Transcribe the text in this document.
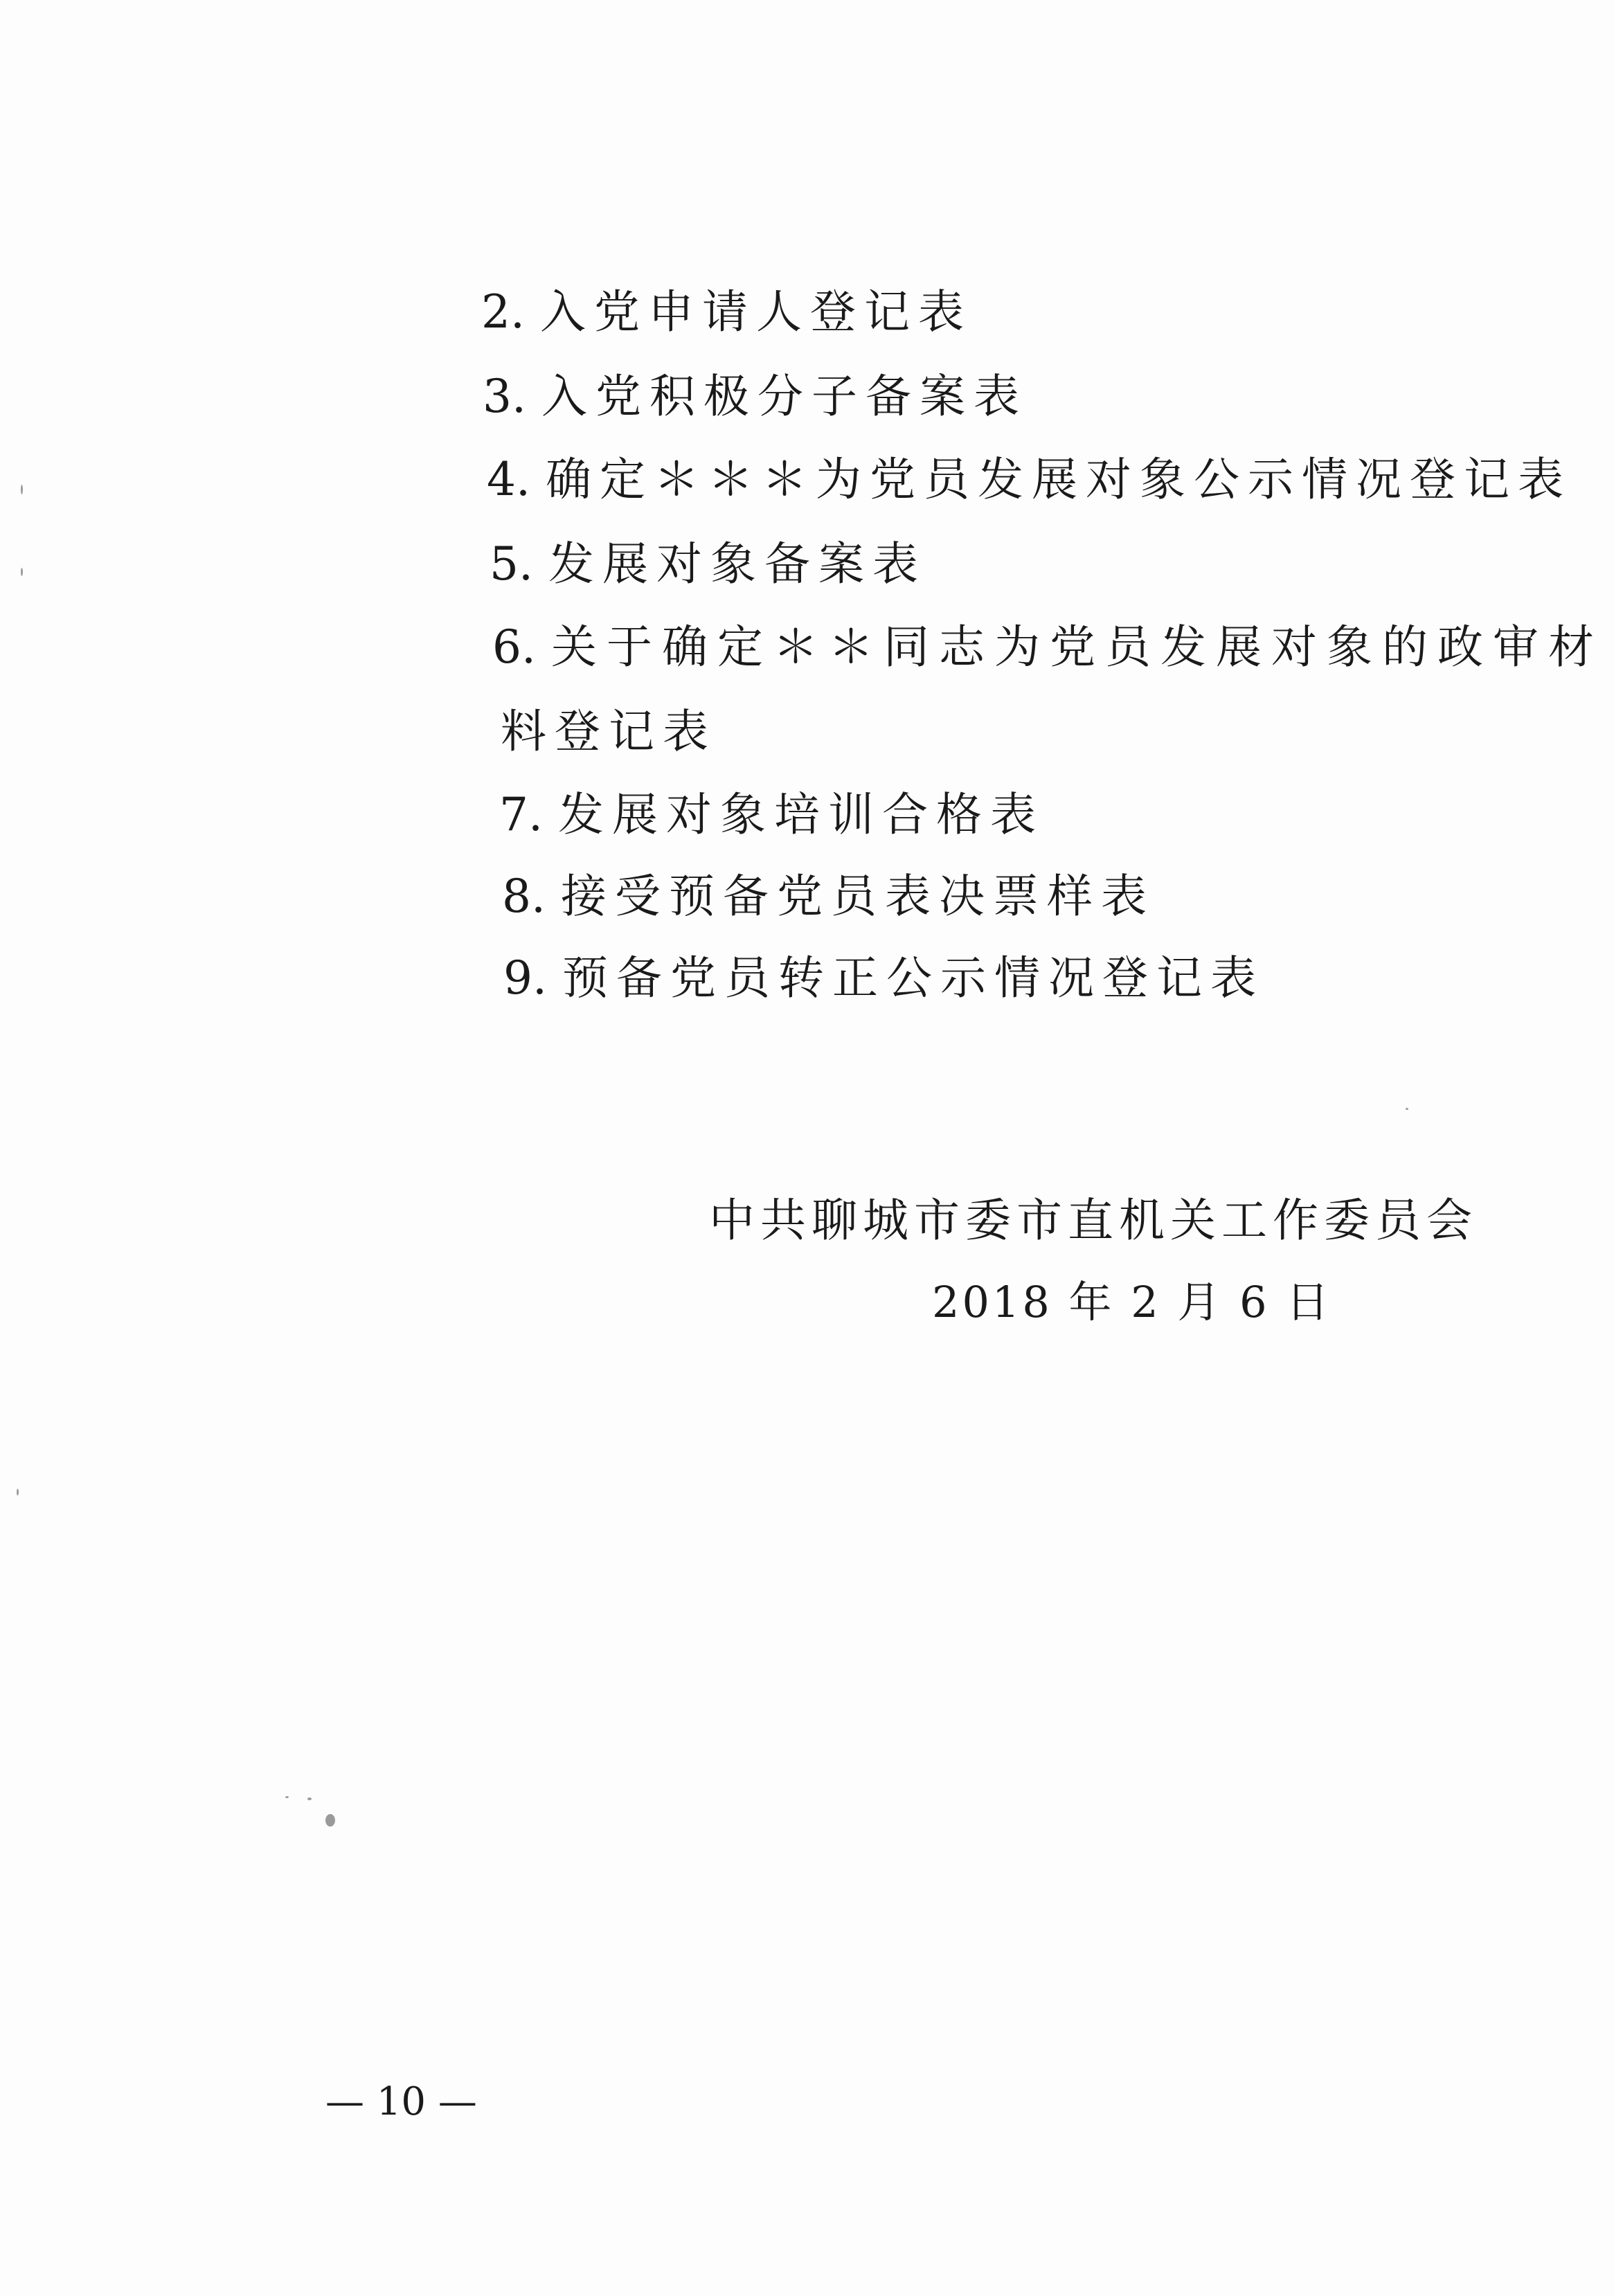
2. 入党申请人登记表
3. 入党积极分子备案表
4. 确定＊＊＊为党员发展对象公示情况登记表
5. 发展对象备案表
6. 关于确定＊＊同志为党员发展对象的政审材
料登记表
7. 发展对象培训合格表
8. 接受预备党员表决票样表
9. 预备党员转正公示情况登记表
中共聊城市委市直机关工作委员会
2018 年 2 月 6 日
— 10 —
